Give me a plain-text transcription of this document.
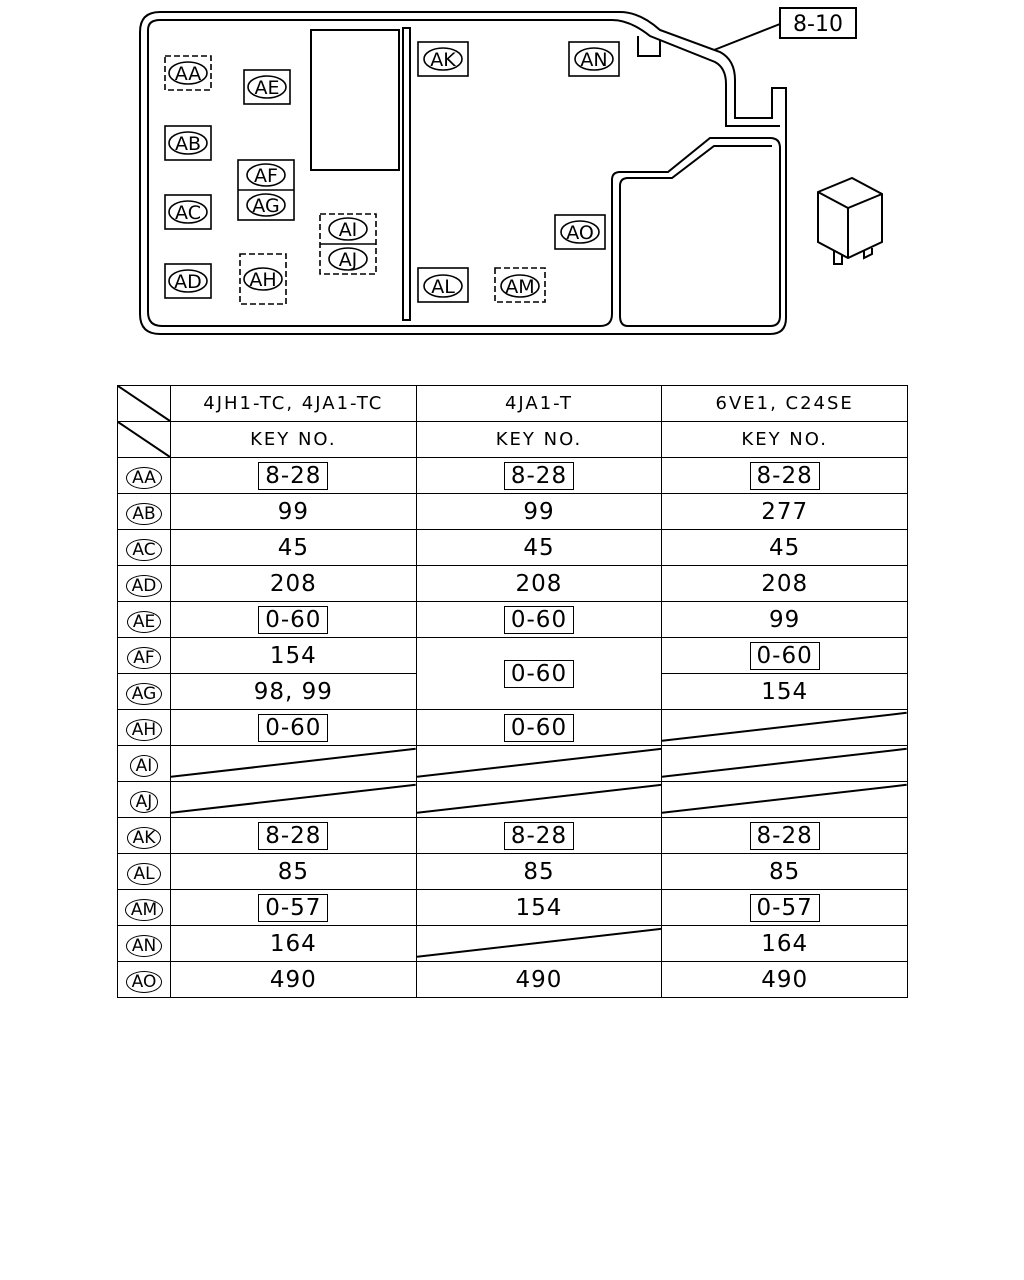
8-10
AA
AB
AC
AD
AE
AF
AG
AH
AI
AJ
AK	AN
AO
AL	AM
	4JH1-TC, 4JA1-TC	4JA1-T	6VE1, C24SE

	KEY NO.	KEY NO.	KEY NO.
AA	8-28	8-28	8-28
AB	99	99	277
AC	45	45	45
AD	208	208	208
AE	0-60	0-60	99
AF	154	0-60	0-60
AG	98, 99		154
AH	0-60	0-60	

AI	

AJ	

AK	8-28	8-28	8-28
AL	85	85	85
AM	0-57	154	0-57
AN	164		164
AO	490	490	490
